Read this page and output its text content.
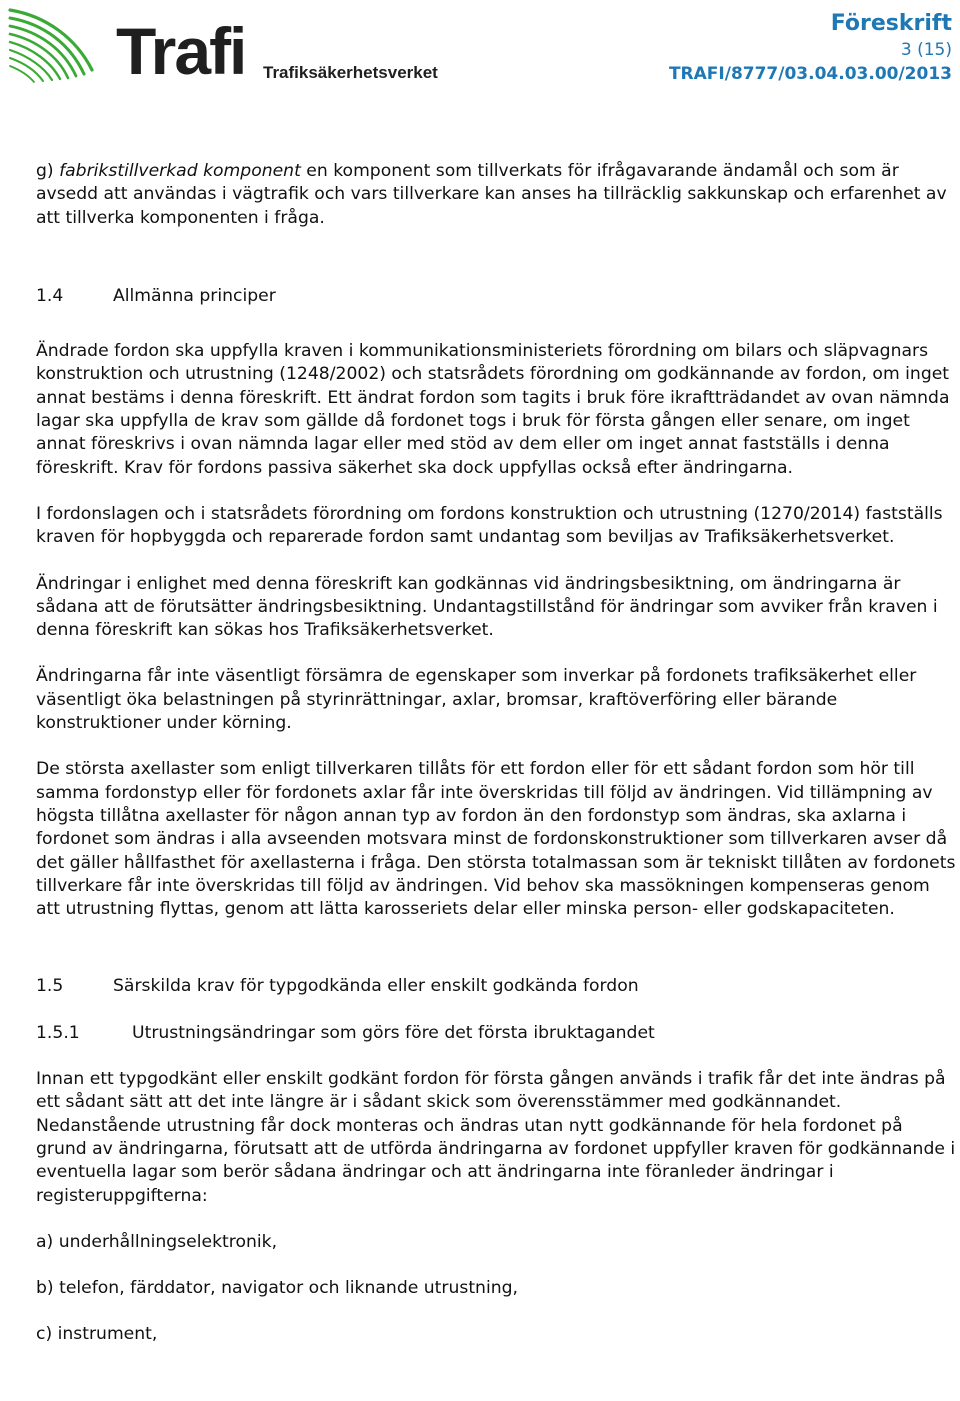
Trafi Trafiksäkerhetsverket
Föreskrift
3 (15)
TRAFI/8777/03.04.03.00/2013

g) fabrikstillverkad komponent en komponent som tillverkats för ifrågavarande ändamål och som är avsedd att användas i vägtrafik och vars tillverkare kan anses ha tillräcklig sakkunskap och erfarenhet av att tillverka komponenten i fråga.

1.4	Allmänna principer

Ändrade fordon ska uppfylla kraven i kommunikationsministeriets förordning om bilars och släpvagnars konstruktion och utrustning (1248/2002) och statsrådets förordning om godkännande av fordon, om inget annat bestäms i denna föreskrift. Ett ändrat fordon som tagits i bruk före ikraftträdandet av ovan nämnda lagar ska uppfylla de krav som gällde då fordonet togs i bruk för första gången eller senare, om inget annat föreskrivs i ovan nämnda lagar eller med stöd av dem eller om inget annat fastställs i denna föreskrift. Krav för fordons passiva säkerhet ska dock uppfyllas också efter ändringarna.

I fordonslagen och i statsrådets förordning om fordons konstruktion och utrustning (1270/2014) fastställs kraven för hopbyggda och reparerade fordon samt undantag som beviljas av Trafiksäkerhetsverket.

Ändringar i enlighet med denna föreskrift kan godkännas vid ändringsbesiktning, om ändringarna är sådana att de förutsätter ändringsbesiktning. Undantagstillstånd för ändringar som avviker från kraven i denna föreskrift kan sökas hos Trafiksäkerhetsverket.

Ändringarna får inte väsentligt försämra de egenskaper som inverkar på fordonets trafiksäkerhet eller väsentligt öka belastningen på styrinrättningar, axlar, bromsar, kraftöverföring eller bärande konstruktioner under körning.

De största axellaster som enligt tillverkaren tillåts för ett fordon eller för ett sådant fordon som hör till samma fordonstyp eller för fordonets axlar får inte överskridas till följd av ändringen. Vid tillämpning av högsta tillåtna axellaster för någon annan typ av fordon än den fordonstyp som ändras, ska axlarna i fordonet som ändras i alla avseenden motsvara minst de fordonskonstruktioner som tillverkaren avser då det gäller hållfasthet för axellasterna i fråga. Den största totalmassan som är tekniskt tillåten av fordonets tillverkare får inte överskridas till följd av ändringen. Vid behov ska massökningen kompenseras genom att utrustning flyttas, genom att lätta karosseriets delar eller minska person- eller godskapaciteten.

1.5	Särskilda krav för typgodkända eller enskilt godkända fordon
1.5.1	Utrustningsändringar som görs före det första ibruktagandet

Innan ett typgodkänt eller enskilt godkänt fordon för första gången används i trafik får det inte ändras på ett sådant sätt att det inte längre är i sådant skick som överensstämmer med godkännandet. Nedanstående utrustning får dock monteras och ändras utan nytt godkännande för hela fordonet på grund av ändringarna, förutsatt att de utförda ändringarna av fordonet uppfyller kraven för godkännande i eventuella lagar som berör sådana ändringar och att ändringarna inte föranleder ändringar i registeruppgifterna:

a) underhållningselektronik,

b) telefon, färddator, navigator och liknande utrustning,

c) instrument,
